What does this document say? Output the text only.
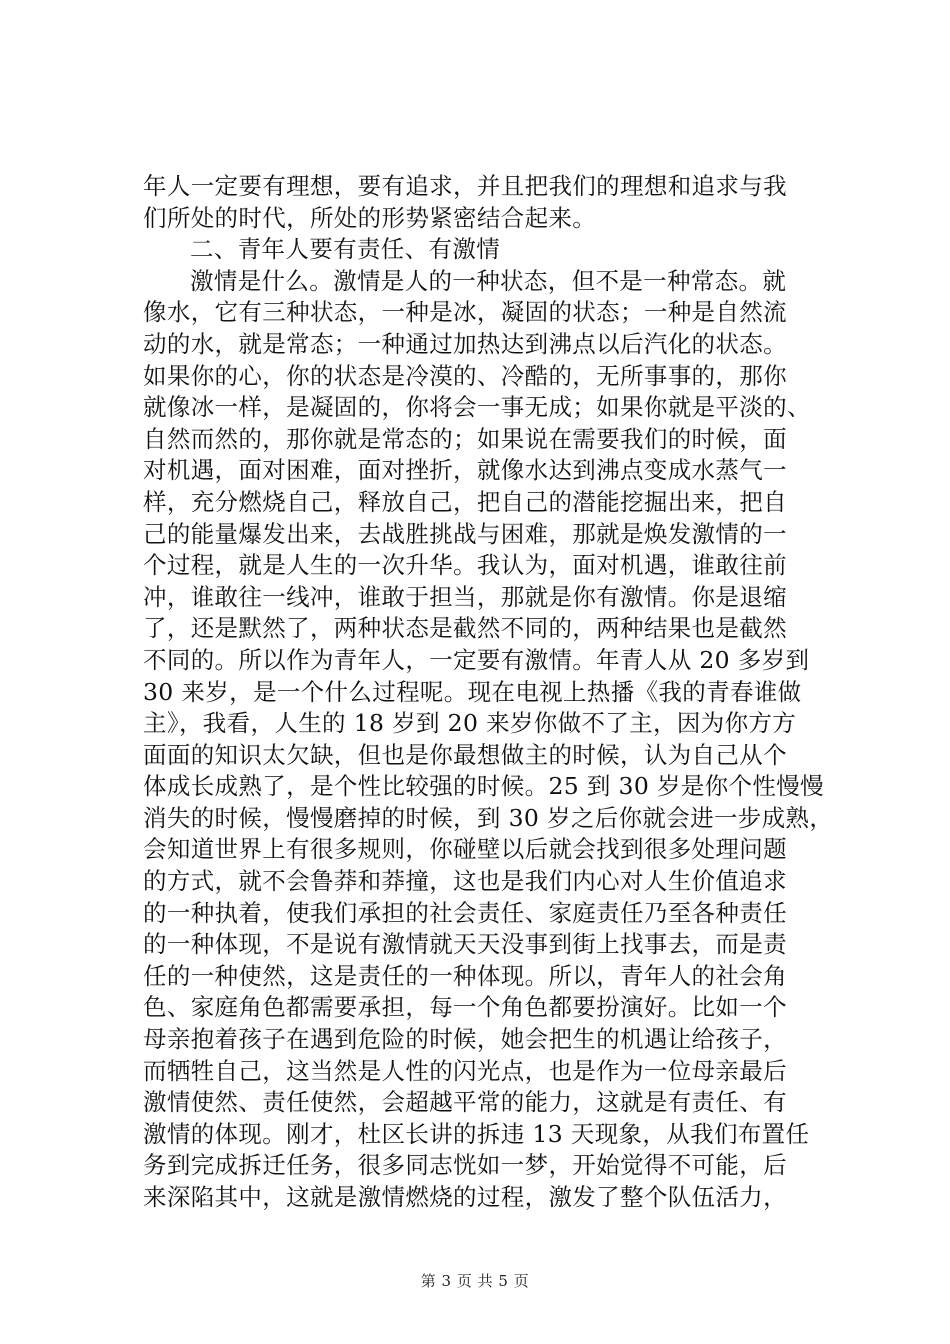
年人一定要有理想，要有追求，并且把我们的理想和追求与我
们所处的时代，所处的形势紧密结合起来。
二、青年人要有责任、有激情
激情是什么。激情是人的一种状态，但不是一种常态。就
像水，它有三种状态，一种是冰，凝固的状态；一种是自然流
动的水，就是常态；一种通过加热达到沸点以后汽化的状态。
如果你的心，你的状态是冷漠的、冷酷的，无所事事的，那你
就像冰一样，是凝固的，你将会一事无成；如果你就是平淡的、
自然而然的，那你就是常态的；如果说在需要我们的时候，面
对机遇，面对困难，面对挫折，就像水达到沸点变成水蒸气一
样，充分燃烧自己，释放自己，把自己的潜能挖掘出来，把自
己的能量爆发出来，去战胜挑战与困难，那就是焕发激情的一
个过程，就是人生的一次升华。我认为，面对机遇，谁敢往前
冲，谁敢往一线冲，谁敢于担当，那就是你有激情。你是退缩
了，还是默然了，两种状态是截然不同的，两种结果也是截然
不同的。所以作为青年人，一定要有激情。年青人从 20 多岁到
30 来岁，是一个什么过程呢。现在电视上热播《我的青春谁做
主》，我看，人生的 18 岁到 20 来岁你做不了主，因为你方方
面面的知识太欠缺，但也是你最想做主的时候，认为自己从个
体成长成熟了，是个性比较强的时候。25 到 30 岁是你个性慢慢
消失的时候，慢慢磨掉的时候，到 30 岁之后你就会进一步成熟，
会知道世界上有很多规则，你碰壁以后就会找到很多处理问题
的方式，就不会鲁莽和莽撞，这也是我们内心对人生价值追求
的一种执着，使我们承担的社会责任、家庭责任乃至各种责任
的一种体现，不是说有激情就天天没事到街上找事去，而是责
任的一种使然，这是责任的一种体现。所以，青年人的社会角
色、家庭角色都需要承担，每一个角色都要扮演好。比如一个
母亲抱着孩子在遇到危险的时候，她会把生的机遇让给孩子，
而牺牲自己，这当然是人性的闪光点，也是作为一位母亲最后
激情使然、责任使然，会超越平常的能力，这就是有责任、有
激情的体现。刚才，杜区长讲的拆违 13 天现象，从我们布置任
务到完成拆迁任务，很多同志恍如一梦，开始觉得不可能，后
来深陷其中，这就是激情燃烧的过程，激发了整个队伍活力，
第 3 页 共 5 页
